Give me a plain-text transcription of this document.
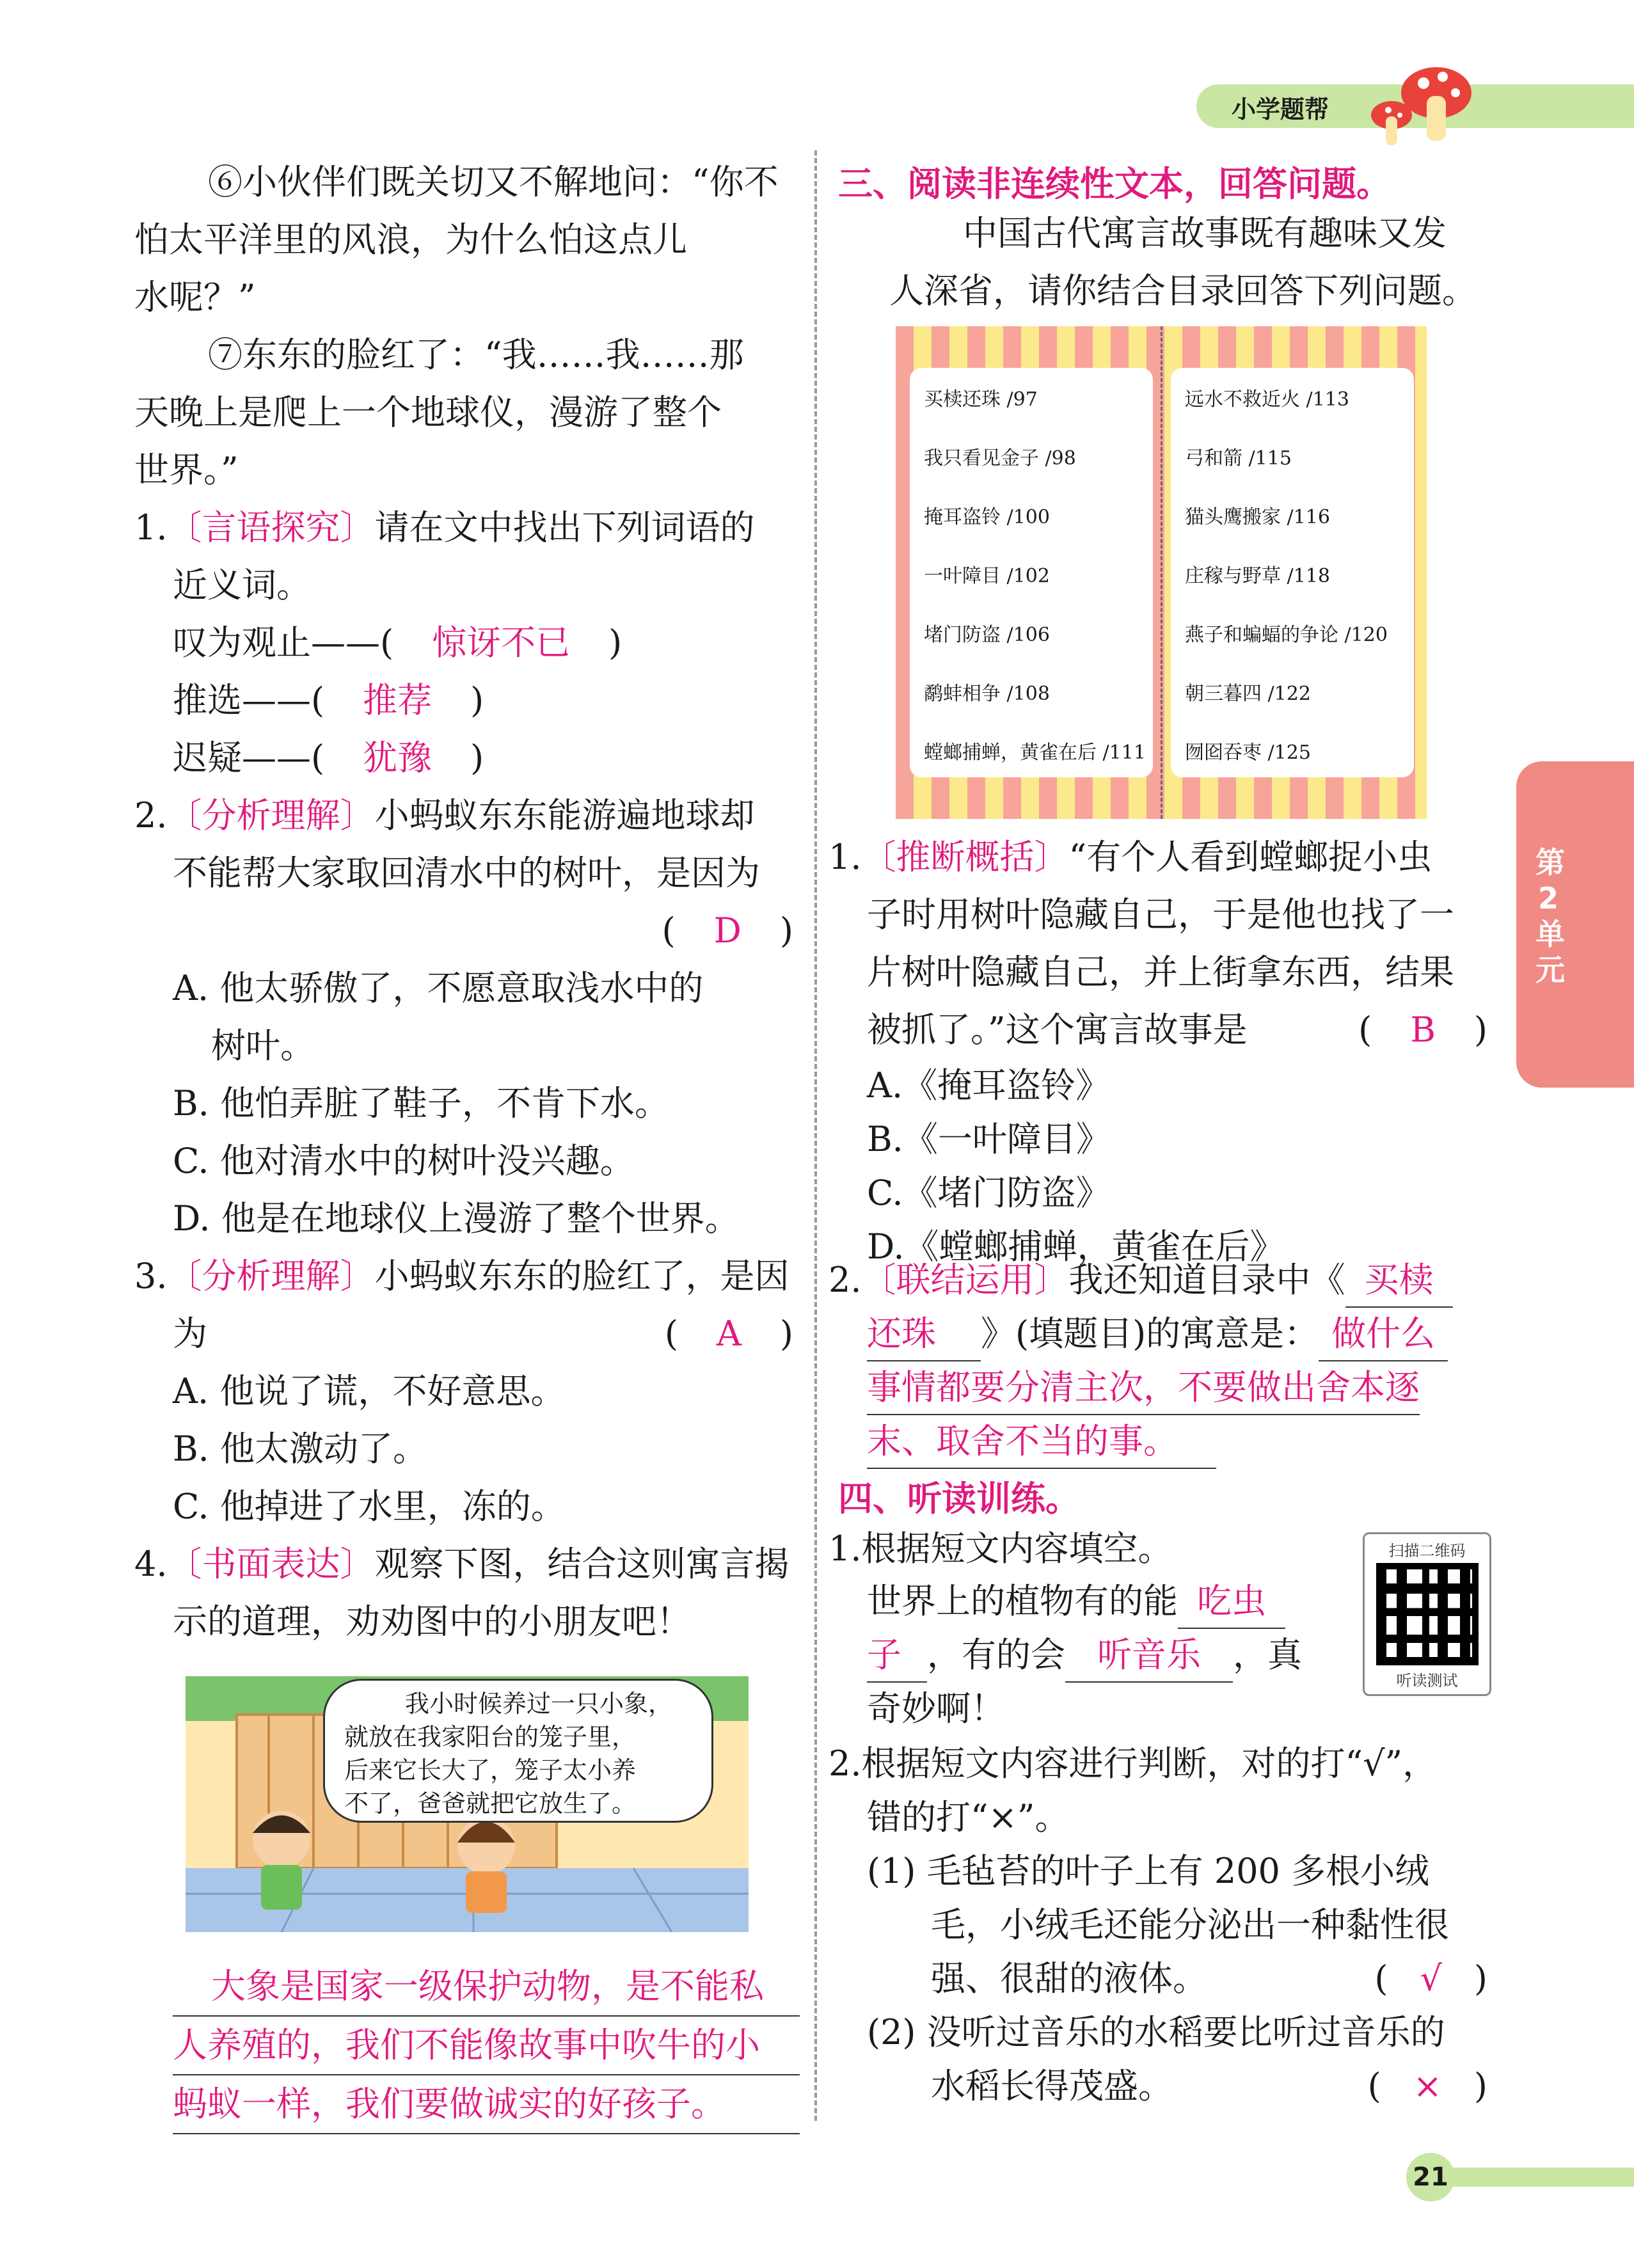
小学题帮
⑥小伙伴们既关切又不解地问：“你不
怕太平洋里的风浪，为什么怕这点儿
水呢？”
⑦东东的脸红了：“我……我……那
天晚上是爬上一个地球仪，漫游了整个
世界。”
1.〔言语探究〕请在文中找出下列词语的
近义词。
叹为观止——( 惊讶不已 )
推选——( 推荐 )
迟疑——( 犹豫 )
2.〔分析理解〕小蚂蚁东东能游遍地球却
不能帮大家取回清水中的树叶，是因为
( D )
A. 他太骄傲了，不愿意取浅水中的
树叶。
B. 他怕弄脏了鞋子，不肯下水。
C. 他对清水中的树叶没兴趣。
D. 他是在地球仪上漫游了整个世界。
3.〔分析理解〕小蚂蚁东东的脸红了，是因
为	( A )
A. 他说了谎，不好意思。
B. 他太激动了。
C. 他掉进了水里，冻的。
4.〔书面表达〕观察下图，结合这则寓言揭
示的道理，劝劝图中的小朋友吧！
我小时候养过一只小象，
就放在我家阳台的笼子里，
后来它长大了，笼子太小养
不了，爸爸就把它放生了。
大象是国家一级保护动物，是不能私
人养殖的，我们不能像故事中吹牛的小
蚂蚁一样，我们要做诚实的好孩子。
三、阅读非连续性文本，回答问题。
中国古代寓言故事既有趣味又发
人深省，请你结合目录回答下列问题。
买椟还珠 /97
我只看见金子 /98
掩耳盗铃 /100
一叶障目 /102
堵门防盗 /106
鹬蚌相争 /108
螳螂捕蝉，黄雀在后 /111
远水不救近火 /113
弓和箭 /115
猫头鹰搬家 /116
庄稼与野草 /118
燕子和蝙蝠的争论 /120
朝三暮四 /122
囫囵吞枣 /125
1.〔推断概括〕“有个人看到螳螂捉小虫
子时用树叶隐藏自己，于是他也找了一
片树叶隐藏自己，并上街拿东西，结果
被抓了。”这个寓言故事是	( B )
A.《掩耳盗铃》
B.《一叶障目》
C.《堵门防盗》
D.《螳螂捕蝉，黄雀在后》
2.〔联结运用〕我还知道目录中《 买椟
还珠 》(填题目)的寓意是： 做什么
事情都要分清主次，不要做出舍本逐
末、取舍不当的事。
四、听读训练。
扫描二维码
听读测试
1.根据短文内容填空。
世界上的植物有的能 吃虫
子 ，有的会 听音乐 ，真
奇妙啊！
2.根据短文内容进行判断，对的打“√”，
错的打“×”。
(1) 毛毡苔的叶子上有 200 多根小绒
毛，小绒毛还能分泌出一种黏性很
强、很甜的液体。	( √ )
(2) 没听过音乐的水稻要比听过音乐的
水稻长得茂盛。	( × )
第2单元
21
